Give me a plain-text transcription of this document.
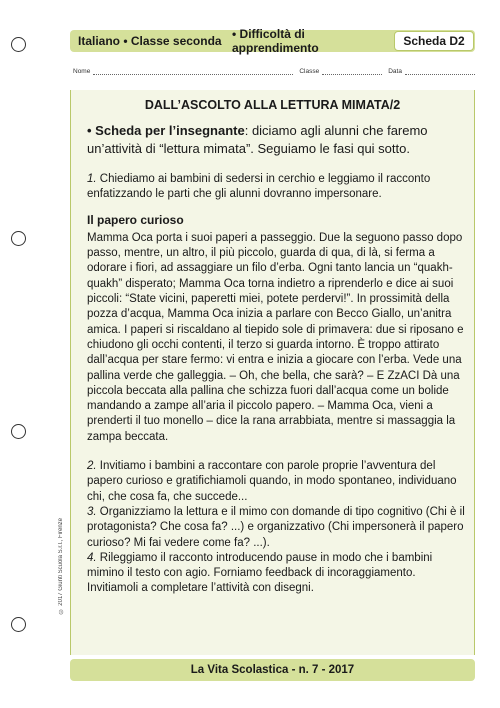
Italiano • Classe seconda • Difficoltà di apprendimento	Scheda D2
Nome	Classe	Data
DALL’ASCOLTO ALLA LETTURA MIMATA/2

• Scheda per l’insegnante: diciamo agli alunni che faremo un’attività di “lettura mimata”. Seguiamo le fasi qui sotto.

1. Chiediamo ai bambini di sedersi in cerchio e leggiamo il racconto enfatizzando le parti che gli alunni dovranno impersonare.

Il papero curioso

Mamma Oca porta i suoi paperi a passeggio. Due la seguono passo dopo passo, mentre, un altro, il più piccolo, guarda di qua, di là, si ferma a odorare i fiori, ad assaggiare un filo d’erba. Ogni tanto lancia un “quakh-quakh” disperato; Mamma Oca torna indietro a riprenderlo e dice ai suoi piccoli: “State vicini, paperetti miei, potete perdervi!”. In prossimità della pozza d’acqua, Mamma Oca inizia a parlare con Becco Giallo, un’anitra amica. I paperi si riscaldano al tiepido sole di primavera: due si riposano e chiudono gli occhi contenti, il terzo si guarda intorno. È troppo attirato dall’acqua per stare fermo: vi entra e inizia a giocare con l’erba. Vede una pallina verde che galleggia. – Oh, che bella, che sarà? – E ZzACI Dà una piccola beccata alla pallina che schizza fuori dall’acqua come un bolide mandando a zampe all’aria il piccolo papero. – Mamma Oca, vieni a prenderti il tuo monello – dice la rana arrabbiata, mentre si massaggia la zampa beccata.

2. Invitiamo i bambini a raccontare con parole proprie l’avventura del papero curioso e gratifichiamoli quando, in modo spontaneo, individuano chi, che cosa fa, che succede...

3. Organizziamo la lettura e il mimo con domande di tipo cognitivo (Chi è il protagonista? Che cosa fa? ...) e organizzativo (Chi impersonerà il papero curioso? Mi fai vedere come fa? ...).

4. Rileggiamo il racconto introducendo pause in modo che i bambini mimino il testo con agio. Forniamo feedback di incoraggiamento. Invitiamoli a completare l’attività con disegni.

© 2017 Giunti Scuola S.r.l., Firenze
La Vita Scolastica - n. 7 - 2017
